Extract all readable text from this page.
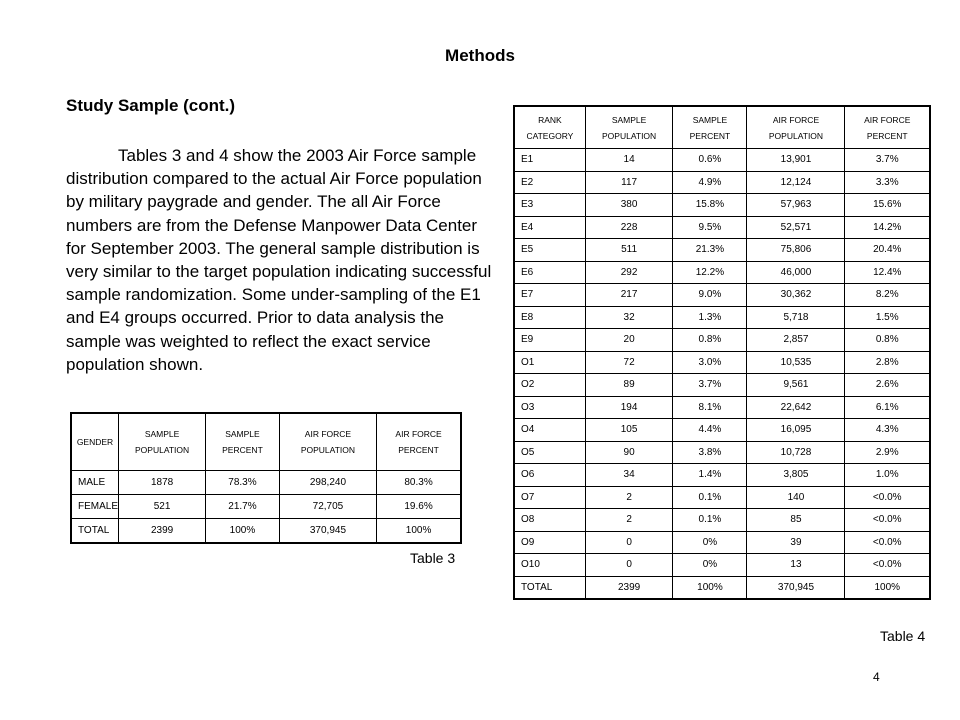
Methods
Study Sample (cont.)

Tables 3 and 4 show the 2003 Air Force sample distribution compared to the actual Air Force population by military paygrade and gender. The all Air Force numbers are from the Defense Manpower Data Center for September 2003. The general sample distribution is very similar to the target population indicating successful sample randomization. Some under-sampling of the E1 and E4 groups occurred. Prior to data analysis the sample was weighted to reflect the exact service population shown.

GENDER	SAMPLE POPULATION	SAMPLE PERCENT	AIR FORCE POPULATION	AIR FORCE PERCENT
MALE	1878	78.3%	298,240	80.3%
FEMALE	521	21.7%	72,705	19.6%
TOTAL	2399	100%	370,945	100%
Table 3
RANK CATEGORY	SAMPLE POPULATION	SAMPLE PERCENT	AIR FORCE POPULATION	AIR FORCE PERCENT
E1	14	0.6%	13,901	3.7%
E2	117	4.9%	12,124	3.3%
E3	380	15.8%	57,963	15.6%
E4	228	9.5%	52,571	14.2%
E5	511	21.3%	75,806	20.4%
E6	292	12.2%	46,000	12.4%
E7	217	9.0%	30,362	8.2%
E8	32	1.3%	5,718	1.5%
E9	20	0.8%	2,857	0.8%
O1	72	3.0%	10,535	2.8%
O2	89	3.7%	9,561	2.6%
O3	194	8.1%	22,642	6.1%
O4	105	4.4%	16,095	4.3%
O5	90	3.8%	10,728	2.9%
O6	34	1.4%	3,805	1.0%
O7	2	0.1%	140	<0.0%
O8	2	0.1%	85	<0.0%
O9	0	0%	39	<0.0%
O10	0	0%	13	<0.0%
TOTAL	2399	100%	370,945	100%
Table 4
4
